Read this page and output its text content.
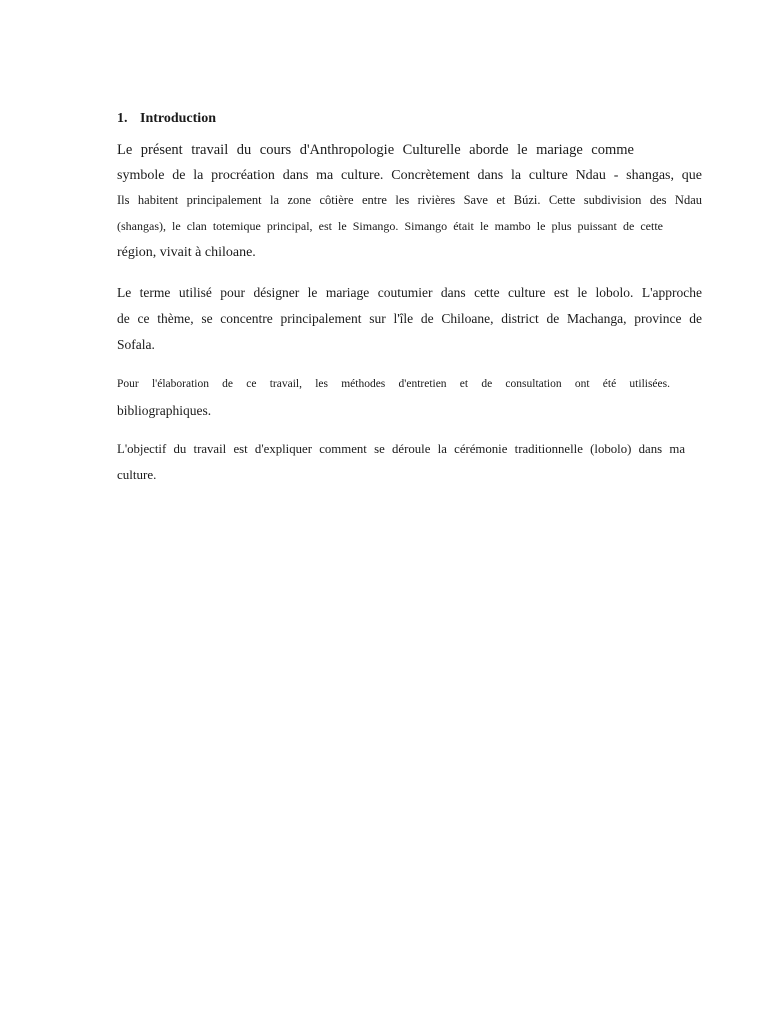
1. Introduction
Le présent travail du cours d'Anthropologie Culturelle aborde le mariage comme
symbole de la procréation dans ma culture. Concrètement dans la culture Ndau - shangas, que
Ils habitent principalement la zone côtière entre les rivières Save et Búzi. Cette subdivision des Ndau
(shangas), le clan totemique principal, est le Simango. Simango était le mambo le plus puissant de cette
région, vivait à chiloane.
Le terme utilisé pour désigner le mariage coutumier dans cette culture est le lobolo. L'approche
de ce thème, se concentre principalement sur l'île de Chiloane, district de Machanga, province de
Sofala.
Pour l'élaboration de ce travail, les méthodes d'entretien et de consultation ont été utilisées.
bibliographiques.
L'objectif du travail est d'expliquer comment se déroule la cérémonie traditionnelle (lobolo) dans ma
culture.
